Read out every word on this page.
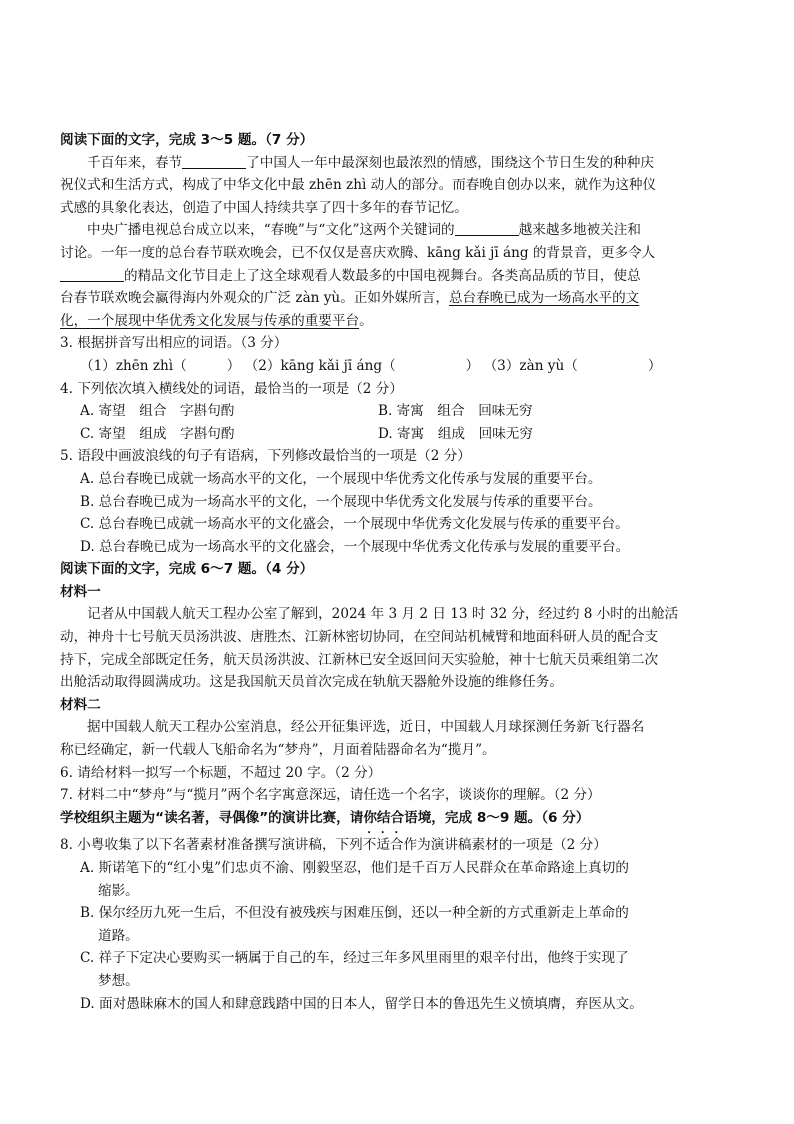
阅读下面的文字，完成 3～5 题。（7 分）
千百年来，春节	了中国人一年中最深刻也最浓烈的情感，围绕这个节日生发的种种庆
祝仪式和生活方式，构成了中华文化中最 zhēn zhì 动人的部分。而春晚自创办以来，就作为这种仪
式感的具象化表达，创造了中国人持续共享了四十多年的春节记忆。
中央广播电视总台成立以来，“春晚”与“文化”这两个关键词的	越来越多地被关注和
讨论。一年一度的总台春节联欢晚会，已不仅仅是喜庆欢腾、kāng kǎi jī áng 的背景音，更多令人
的精品文化节目走上了这全球观看人数最多的中国电视舞台。各类高品质的节目，使总
台春节联欢晚会赢得海内外观众的广泛 zàn yù。正如外媒所言，总台春晚已成为一场高水平的文
化，一个展现中华优秀文化发展与传承的重要平台。
3. 根据拼音写出相应的词语。（3 分）
（1）zhēn zhì（	） （2）kāng kǎi jī áng（	） （3）zàn yù（	）
4. 下列依次填入横线处的词语，最恰当的一项是（2 分）
A. 寄望　组合　字斟句酌	B. 寄寓　组合　回味无穷
C. 寄望　组成　字斟句酌	D. 寄寓　组成　回味无穷
5. 语段中画波浪线的句子有语病，下列修改最恰当的一项是（2 分）
A. 总台春晚已成就一场高水平的文化，一个展现中华优秀文化传承与发展的重要平台。
B. 总台春晚已成为一场高水平的文化，一个展现中华优秀文化发展与传承的重要平台。
C. 总台春晚已成就一场高水平的文化盛会，一个展现中华优秀文化发展与传承的重要平台。
D. 总台春晚已成为一场高水平的文化盛会，一个展现中华优秀文化传承与发展的重要平台。
阅读下面的文字，完成 6～7 题。（4 分）
材料一
记者从中国载人航天工程办公室了解到，2024 年 3 月 2 日 13 时 32 分，经过约 8 小时的出舱活
动，神舟十七号航天员汤洪波、唐胜杰、江新林密切协同，在空间站机械臂和地面科研人员的配合支
持下，完成全部既定任务，航天员汤洪波、江新林已安全返回问天实验舱，神十七航天员乘组第二次
出舱活动取得圆满成功。这是我国航天员首次完成在轨航天器舱外设施的维修任务。
材料二
据中国载人航天工程办公室消息，经公开征集评选，近日，中国载人月球探测任务新飞行器名
称已经确定，新一代载人飞船命名为“梦舟”，月面着陆器命名为“揽月”。
6. 请给材料一拟写一个标题，不超过 20 字。（2 分）
7. 材料二中“梦舟”与“揽月”两个名字寓意深远，请任选一个名字，谈谈你的理解。（2 分）
学校组织主题为“读名著，寻偶像”的演讲比赛，请你结合语境，完成 8～9 题。（6 分）
8. 小粤收集了以下名著素材准备撰写演讲稿，下列不适合作为演讲稿素材的一项是（2 分）
A. 斯诺笔下的“红小鬼”们忠贞不渝、刚毅坚忍，他们是千百万人民群众在革命路途上真切的
缩影。
B. 保尔经历九死一生后，不但没有被残疾与困难压倒，还以一种全新的方式重新走上革命的
道路。
C. 祥子下定决心要购买一辆属于自己的车，经过三年多风里雨里的艰辛付出，他终于实现了
梦想。
D. 面对愚昧麻木的国人和肆意践踏中国的日本人，留学日本的鲁迅先生义愤填膺，弃医从文。
